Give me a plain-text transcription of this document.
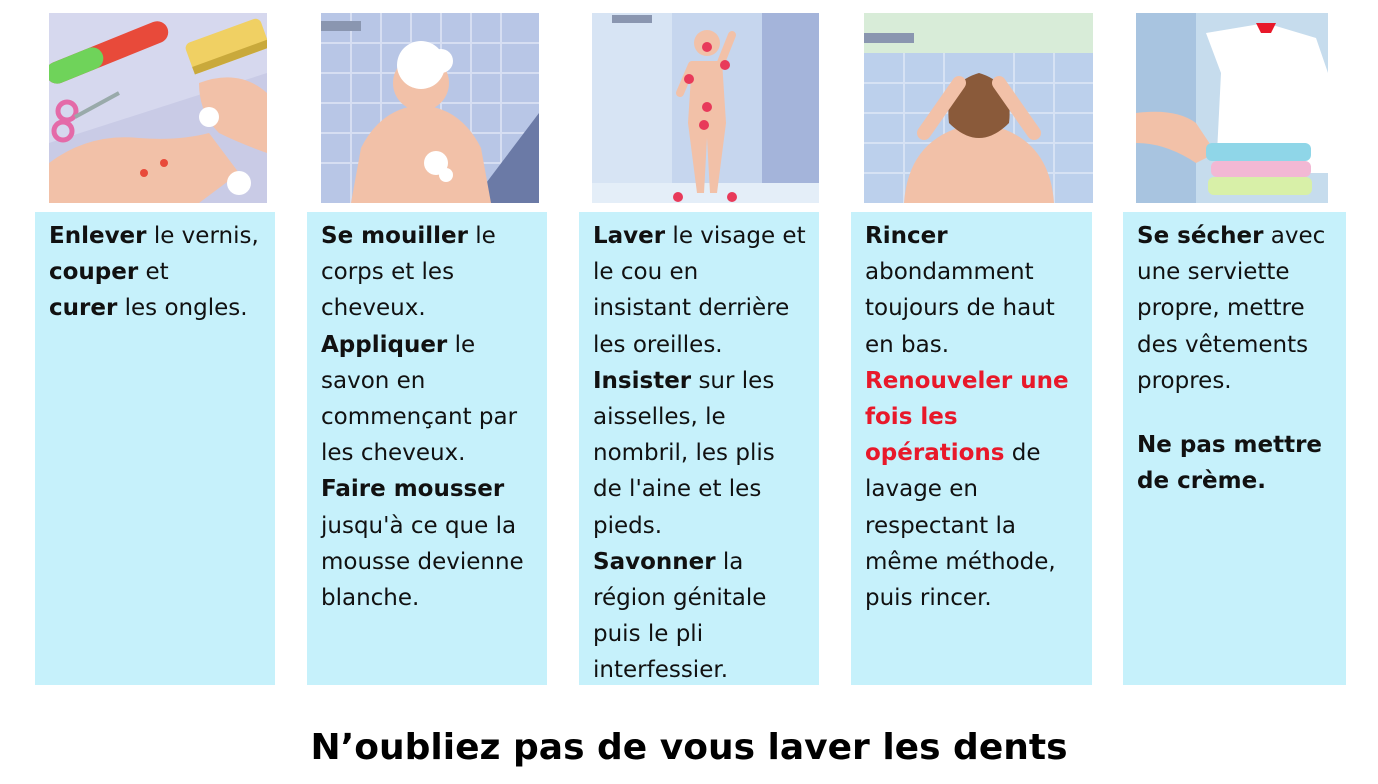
Enlever le vernis,
couper et
curer les ongles.
Se mouiller le
corps et les
cheveux.
Appliquer le
savon en
commençant par
les cheveux.
Faire mousser
jusqu'à ce que la
mousse devienne
blanche.
Laver le visage et
le cou en
insistant derrière
les oreilles.
Insister sur les
aisselles, le
nombril, les plis
de l'aine et les
pieds.
Savonner la
région génitale
puis le pli
interfessier.
Rincer
abondamment
toujours de haut
en bas.
Renouveler une
fois les
opérations de
lavage en
respectant la
même méthode,
puis rincer.
Se sécher avec
une serviette
propre, mettre
des vêtements
propres.
Ne pas mettre
de crème.
N’oubliez pas de vous laver les dents
